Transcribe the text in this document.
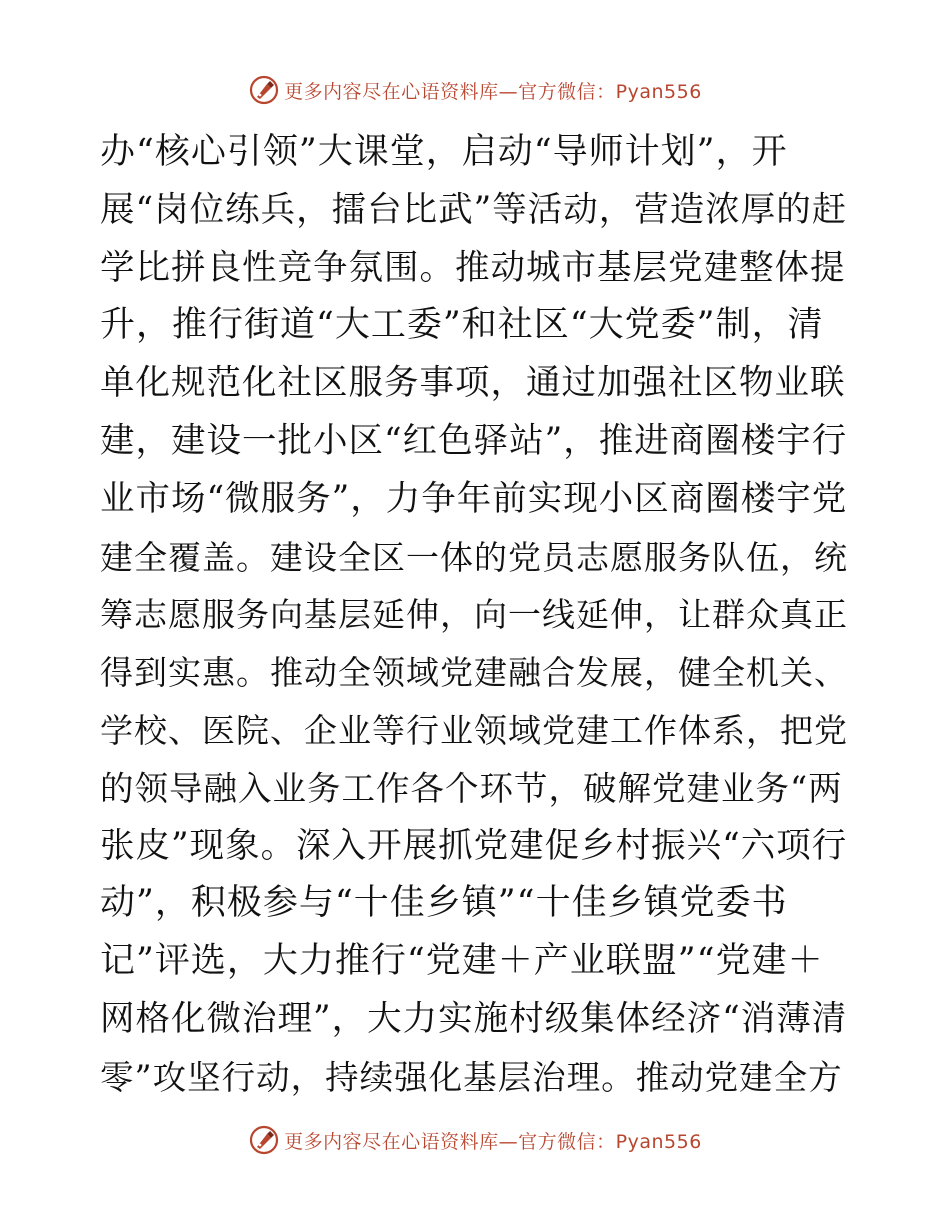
更多内容尽在心语资料库—官方微信：Pyan556
办“核心引领”大课堂，启动“导师计划”，开
展“岗位练兵，擂台比武”等活动，营造浓厚的赶
学比拼良性竞争氛围。推动城市基层党建整体提
升，推行街道“大工委”和社区“大党委”制，清
单化规范化社区服务事项，通过加强社区物业联
建，建设一批小区“红色驿站”，推进商圈楼宇行
业市场“微服务”，力争年前实现小区商圈楼宇党
建全覆盖。建设全区一体的党员志愿服务队伍，统
筹志愿服务向基层延伸，向一线延伸，让群众真正
得到实惠。推动全领域党建融合发展，健全机关、
学校、医院、企业等行业领域党建工作体系，把党
的领导融入业务工作各个环节，破解党建业务“两
张皮”现象。深入开展抓党建促乡村振兴“六项行
动”，积极参与“十佳乡镇”“十佳乡镇党委书
记”评选，大力推行“党建＋产业联盟”“党建＋
网格化微治理”，大力实施村级集体经济“消薄清
零”攻坚行动，持续强化基层治理。推动党建全方
更多内容尽在心语资料库—官方微信：Pyan556
